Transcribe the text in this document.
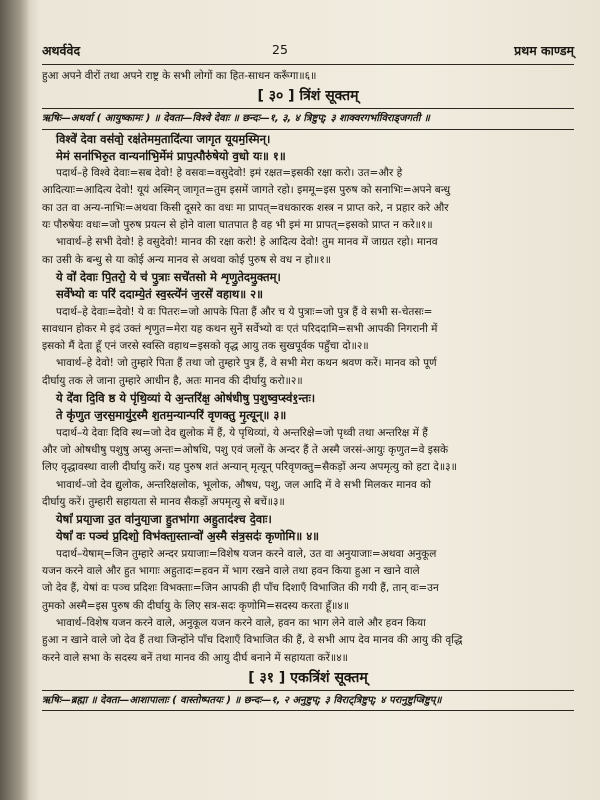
अथर्ववेद	25	प्रथम काण्डम्
हुआ अपने वीरों तथा अपने राष्ट्र के सभी लोगों का हित-साधन करूँगा॥६॥
[ ३० ] त्रिंशं सूक्तम्
ऋषिः—अथर्वा ( आयुष्कामः ) ॥ देवता—विश्वे देवाः ॥ छन्दः—१, ३, ४ त्रिष्टुप्; ३ शाक्वरगर्भाविराड्जगती ॥
विश्वे॑ देवा वस॑वो॒ रक्ष॑तेमम॒तादि॑त्या जागृत यूयम॒स्मिन्।
मेमं सना॑भिरु॒त वान्यना॑भि॒र्मेमं प्राप॒त्पौरु॑षेयो व॒धो यः॥ १॥
पदार्थ–हे विश्वे देवाः=सब देवो! हे वसवः=वसुदेवो! इमं रक्षत=इसकी रक्षा करो। उत=और हे
आदित्याः=आदित्य देवो! यूयं अस्मिन् जागृत=तुम इसमें जागते रहो। इममू=इस पुरुष को सनाभिः=अपने बन्धु
का उत वा अन्य-नाभिः=अथवा किसी दूसरे का वधः मा प्रापत्=वधकारक शस्त्र न प्राप्त करे, न प्रहार करे और
यः पौरुषेयः वधः=जो पुरुष प्रयत्न से होने वाला घातपात है वह भी इमं मा प्रापत्=इसको प्राप्त न करे॥१॥
भावार्थ–हे सभी देवो! हे वसुदेवो! मानव की रक्षा करो! हे आदित्य देवो! तुम मानव में जाग्रत रहो। मानव
का उसी के बन्धु से या कोई अन्य मानव से अथवा कोई पुरुष से वध न हो॥१॥
ये वो॑ देवाः पि॒तरो॒ ये च॑ पु॒त्राः सचे॑तसो मे शृणु॒तेदमु॒क्तम्।
सर्वे॑भ्यो वः परि॑ ददाम्ये॒तं स्व॒स्त्ये॑नं ज॒रसे॑ वहाथ॥ २॥
पदार्थ–हे देवाः=देवो! ये वः पितरः=जो आपके पिता हैं और च ये पुत्राः=जो पुत्र हैं वे सभी स-चेतसः=
सावधान होकर मे इदं उक्तं शृणुत=मेरा यह कथन सुनें सर्वेभ्यो वः एतं परिददामि=सभी आपकी निगरानी में
इसको मैं देता हूँ एनं जरसे स्वस्ति वहाथ=इसको वृद्ध आयु तक सुखपूर्वक पहुँचा दो॥२॥
भावार्थ–हे देवो! जो तुम्हारे पिता हैं तथा जो तुम्हारे पुत्र हैं, वे सभी मेरा कथन श्रवण करें। मानव को पूर्ण
दीर्घायु तक ले जाना तुम्हारे आधीन है, अतः मानव की दीर्घायु करो॥२॥
ये दे॑वा दि॒वि ष्ठ ये पृ॑थि॒व्यां ये अ॒न्तरि॑क्ष॒ ओष॑धीषु प॒शुष्व॒प्स्व॑१॒न्तः।
ते कृ॑णुत ज॒रस॒मायु॑र॒स्मै श॒तम॒न्यान्परि॑ वृणक्तु मृ॒त्यून्॥ ३॥
पदार्थ–ये देवाः दिवि स्थ=जो देव द्युलोक में हैं, ये पृथिव्यां, ये अन्तरिक्षे=जो पृथ्वी तथा अन्तरिक्ष में हैं
और जो ओषधीषु पशुषु अप्सु अन्तः=ओषधि, पशु एवं जलों के अन्दर हैं ते अस्मै जरसं-आयुः कृणुत=वे इसके
लिए वृद्धावस्था वाली दीर्घायु करें। यह पुरुष शतं अन्यान् मृत्यून् परिवृणक्तु=सैकड़ों अन्य अपमृत्यु को हटा दे॥३॥
भावार्थ–जो देव द्युलोक, अन्तरिक्षलोक, भूलोक, औषध, पशु, जल आदि में वे सभी मिलकर मानव को
दीर्घायु करें। तुम्हारी सहायता से मानव सैकड़ों अपमृत्यु से बचें॥३॥
येषां॑ प्रया॒जा उ॒त वा॑नुया॒जा हु॒तभा॑गा अहु॒ताद॑श्च दे॒वाः।
येषां॑ वः पञ्च॑ प्र॒दिशो॒ विभ॑क्ता॒स्तान्वो॑ अ॒स्मै स॑त्र॒सदः॑ कृणोमि॥ ४॥
पदार्थ–येषाम्=जिन तुम्हारे अन्दर प्रयाजाः=विशेष यजन करने वाले, उत वा अनुयाजाः=अथवा अनुकूल
यजन करने वाले और हुत भागाः अहुतादः=हवन में भाग रखने वाले तथा हवन किया हुआ न खाने वाले
जो देव हैं, येषां वः पञ्च प्रदिशः विभक्ताः=जिन आपकी ही पाँच दिशाएँ विभाजित की गयी हैं, तान् वः=उन
तुमको अस्मै=इस पुरुष की दीर्घायु के लिए सत्र-सदः कृणोमि=सदस्य करता हूँ॥४॥
भावार्थ–विशेष यजन करने वाले, अनुकूल यजन करने वाले, हवन का भाग लेने वाले और हवन किया
हुआ न खाने वाले जो देव हैं तथा जिन्होंने पाँच दिशाएँ विभाजित की हैं, वे सभी आप देव मानव की आयु की वृद्धि
करने वाले सभा के सदस्य बनें तथा मानव की आयु दीर्घ बनाने में सहायता करें॥४॥
[ ३१ ] एकत्रिंशं सूक्तम्
ऋषिः—ब्रह्मा ॥ देवता—आशापालाः ( वास्तोष्पतयः ) ॥ छन्दः—१, २ अनुष्टुप्; ३ विराट्त्रिष्टुप्; ४ परानुष्टुप्त्रिष्टुप्॥
